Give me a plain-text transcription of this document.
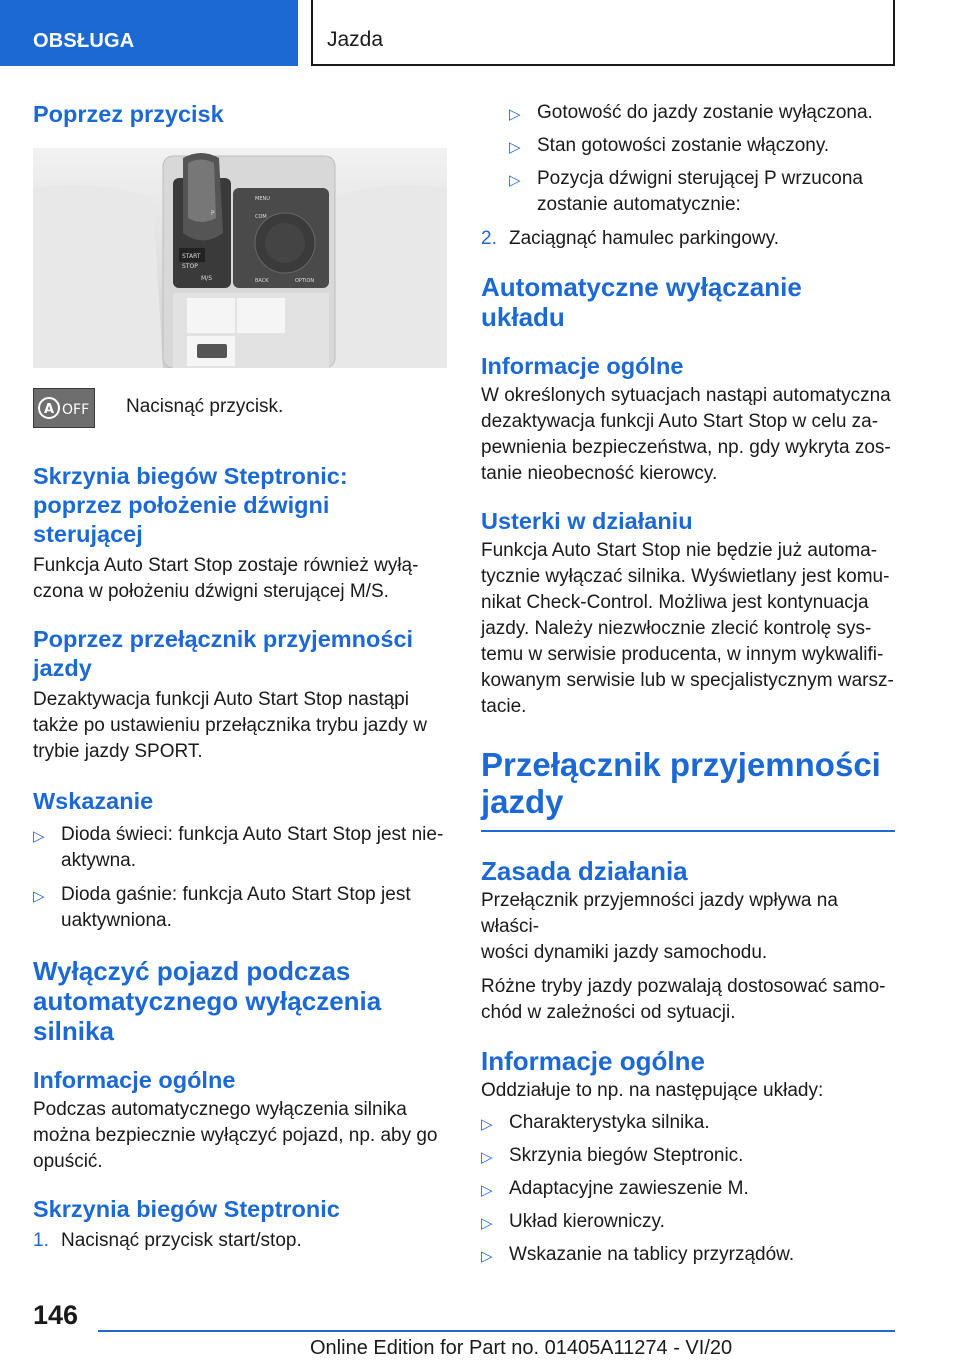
OBSŁUGA	Jazda
Poprzez przycisk
START
STOP
M/S
P
MENU
COM
BACK	OPTION
A OFF Nacisnąć przycisk.
Skrzynia biegów Steptronic:
poprzez położenie dźwigni
sterującej

Funkcja Auto Start Stop zostaje również wyłą‐
czona w położeniu dźwigni sterującej M/S.

Poprzez przełącznik przyjemności
jazdy

Dezaktywacja funkcji Auto Start Stop nastąpi
także po ustawieniu przełącznika trybu jazdy w
trybie jazdy SPORT.

Wskazanie
▷ Dioda świeci: funkcja Auto Start Stop jest nie‐
aktywna.
▷ Dioda gaśnie: funkcja Auto Start Stop jest
uaktywniona.
Wyłączyć pojazd podczas
automatycznego wyłączenia
silnika
Informacje ogólne

Podczas automatycznego wyłączenia silnika
można bezpiecznie wyłączyć pojazd, np. aby go
opuścić.

Skrzynia biegów Steptronic
1. Nacisnąć przycisk start/stop.
▷ Gotowość do jazdy zostanie wyłączona.
▷ Stan gotowości zostanie włączony.
▷ Pozycja dźwigni sterującej P wrzucona
zostanie automatycznie:
2. Zaciągnąć hamulec parkingowy.
Automatyczne wyłączanie
układu
Informacje ogólne

W określonych sytuacjach nastąpi automatyczna
dezaktywacja funkcji Auto Start Stop w celu za‐
pewnienia bezpieczeństwa, np. gdy wykryta zos‐
tanie nieobecność kierowcy.

Usterki w działaniu

Funkcja Auto Start Stop nie będzie już automa‐
tycznie wyłączać silnika. Wyświetlany jest komu‐
nikat Check-Control. Możliwa jest kontynuacja
jazdy. Należy niezwłocznie zlecić kontrolę sys‐
temu w serwisie producenta, w innym wykwalifi‐
kowanym serwisie lub w specjalistycznym warsz‐
tacie.

Przełącznik przyjemności
jazdy
Zasada działania

Przełącznik przyjemności jazdy wpływa na właści‐
wości dynamiki jazdy samochodu.

Różne tryby jazdy pozwalają dostosować samo‐
chód w zależności od sytuacji.

Informacje ogólne

Oddziałuje to np. na następujące układy:

▷ Charakterystyka silnika.
▷ Skrzynia biegów Steptronic.
▷ Adaptacyjne zawieszenie M.
▷ Układ kierowniczy.
▷ Wskazanie na tablicy przyrządów.
146
Online Edition for Part no. 01405A11274 - VI/20
